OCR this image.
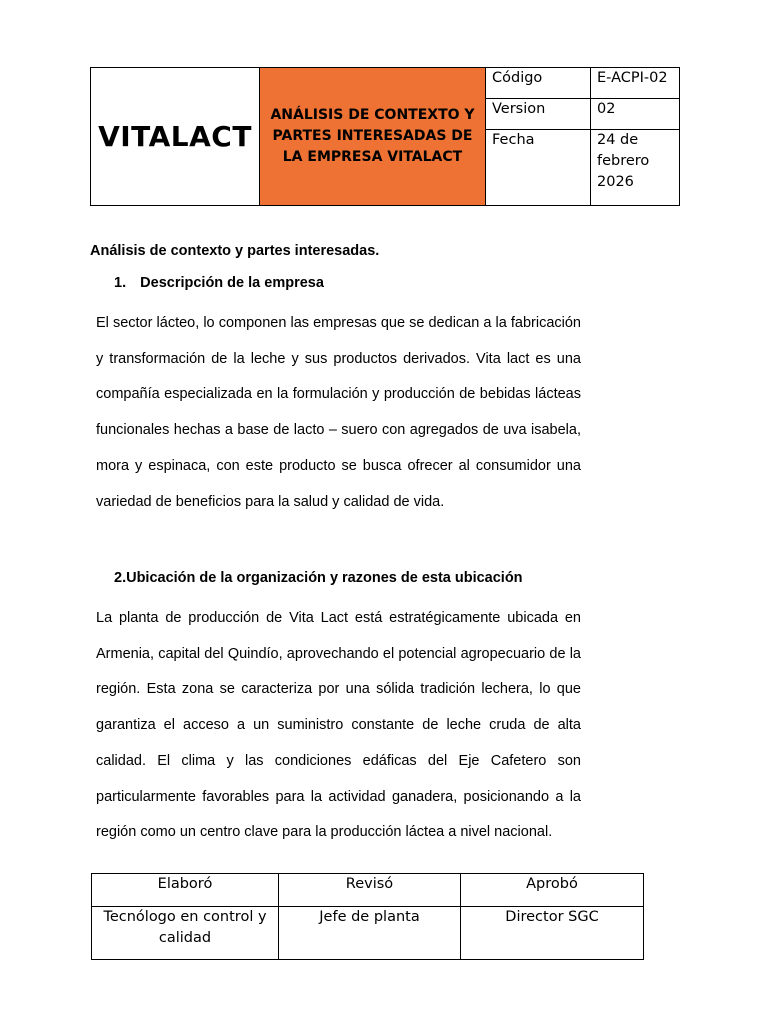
VITALACT	ANÁLISIS DE CONTEXTO Y PARTES INTERESADAS DE LA EMPRESA VITALACT	Código	E-ACPI-02
		Version	02
		Fecha	24 de febrero 2026
Análisis de contexto y partes interesadas.
1. Descripción de la empresa

El sector lácteo, lo componen las empresas que se dedican a la fabricación y transformación de la leche y sus productos derivados. Vita lact es una compañía especializada en la formulación y producción de bebidas lácteas funcionales hechas a base de lacto – suero con agregados de uva isabela, mora y espinaca, con este producto se busca ofrecer al consumidor una variedad de beneficios para la salud y calidad de vida.

2.Ubicación de la organización y razones de esta ubicación

La planta de producción de Vita Lact está estratégicamente ubicada en Armenia, capital del Quindío, aprovechando el potencial agropecuario de la región. Esta zona se caracteriza por una sólida tradición lechera, lo que garantiza el acceso a un suministro constante de leche cruda de alta calidad. El clima y las condiciones edáficas del Eje Cafetero son particularmente favorables para la actividad ganadera, posicionando a la región como un centro clave para la producción láctea a nivel nacional.

Elaboró	Revisó	Aprobó
Tecnólogo en control y calidad	Jefe de planta	Director SGC
